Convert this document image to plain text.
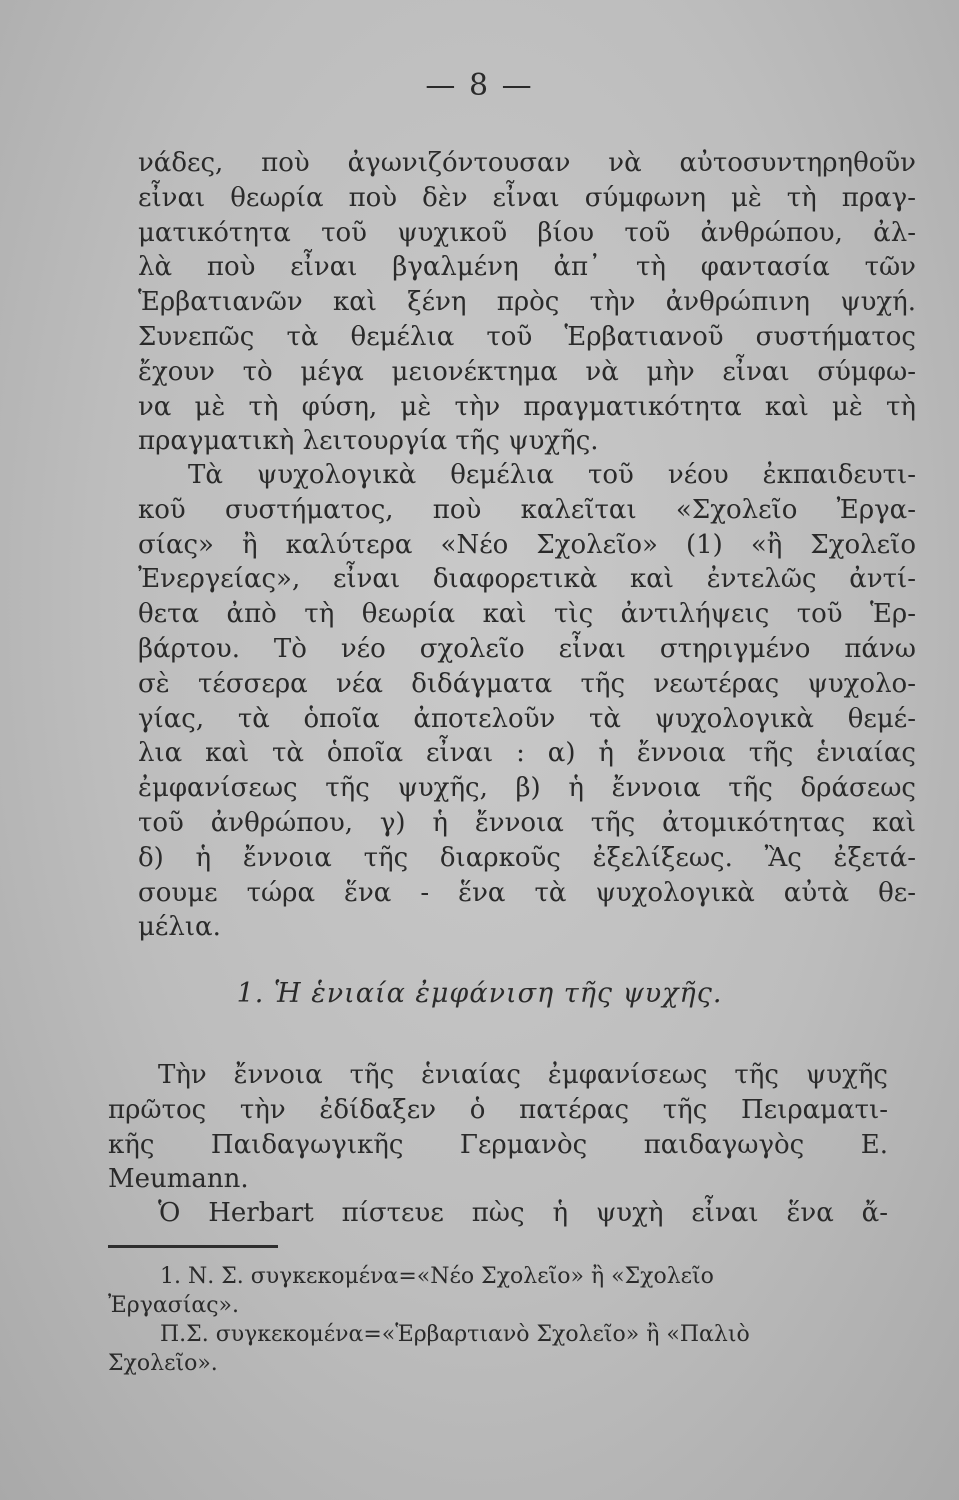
— 8 —

νάδες, ποὺ ἀγωνιζόντουσαν νὰ αὐτοσυντηρηθοῦν
εἶναι θεωρία ποὺ δὲν εἶναι σύμφωνη μὲ τὴ πραγ-
ματικότητα τοῦ ψυχικοῦ βίου τοῦ ἀνθρώπου, ἀλ-
λὰ ποὺ εἶναι βγαλμένη ἀπ᾽ τὴ φαντασία τῶν
Ἑρβατιανῶν καὶ ξένη πρὸς τὴν ἀνθρώπινη ψυχή.
Συνεπῶς τὰ θεμέλια τοῦ Ἑρβατιανοῦ συστήματος
ἔχουν τὸ μέγα μειονέκτημα νὰ μὴν εἶναι σύμφω-
να μὲ τὴ φύση, μὲ τὴν πραγματικότητα καὶ μὲ τὴ
πραγματικὴ λειτουργία τῆς ψυχῆς.

Τὰ ψυχολογικὰ θεμέλια τοῦ νέου ἐκπαιδευτι-
κοῦ συστήματος, ποὺ καλεῖται «Σχολεῖο Ἐργα-
σίας» ἢ καλύτερα «Νέο Σχολεῖο» (1) «ἢ Σχολεῖο
Ἐνεργείας», εἶναι διαφορετικὰ καὶ ἐντελῶς ἀντί-
θετα ἀπὸ τὴ θεωρία καὶ τὶς ἀντιλήψεις τοῦ Ἑρ-
βάρτου. Τὸ νέο σχολεῖο εἶναι στηριγμένο πάνω
σὲ τέσσερα νέα διδάγματα τῆς νεωτέρας ψυχολο-
γίας, τὰ ὁποῖα ἀποτελοῦν τὰ ψυχολογικὰ θεμέ-
λια καὶ τὰ ὁποῖα εἶναι : α) ἡ ἔννοια τῆς ἑνιαίας
ἐμφανίσεως τῆς ψυχῆς, β) ἡ ἔννοια τῆς δράσεως
τοῦ ἀνθρώπου, γ) ἡ ἔννοια τῆς ἀτομικότητας καὶ
δ) ἡ ἔννοια τῆς διαρκοῦς ἐξελίξεως. Ἂς ἐξετά-
σουμε τώρα ἕνα - ἕνα τὰ ψυχολογικὰ αὐτὰ θε-
μέλια.

1. Ἡ ἑνιαία ἐμφάνιση τῆς ψυχῆς.

Τὴν ἔννοια τῆς ἑνιαίας ἐμφανίσεως τῆς ψυχῆς
πρῶτος τὴν ἐδίδαξεν ὁ πατέρας τῆς Πειραματι-
κῆς Παιδαγωγικῆς Γερμανὸς παιδαγωγὸς Ε.
Meumann.

Ὁ Herbart πίστευε πὼς ἡ ψυχὴ εἶναι ἕνα ἄ-

1. Ν. Σ. συγκεκομένα=«Νέο Σχολεῖο» ἢ «Σχολεῖο
Ἐργασίας».

Π.Σ. συγκεκομένα=«Ἑρβαρτιανὸ Σχολεῖο» ἢ «Παλιὸ
Σχολεῖο».
